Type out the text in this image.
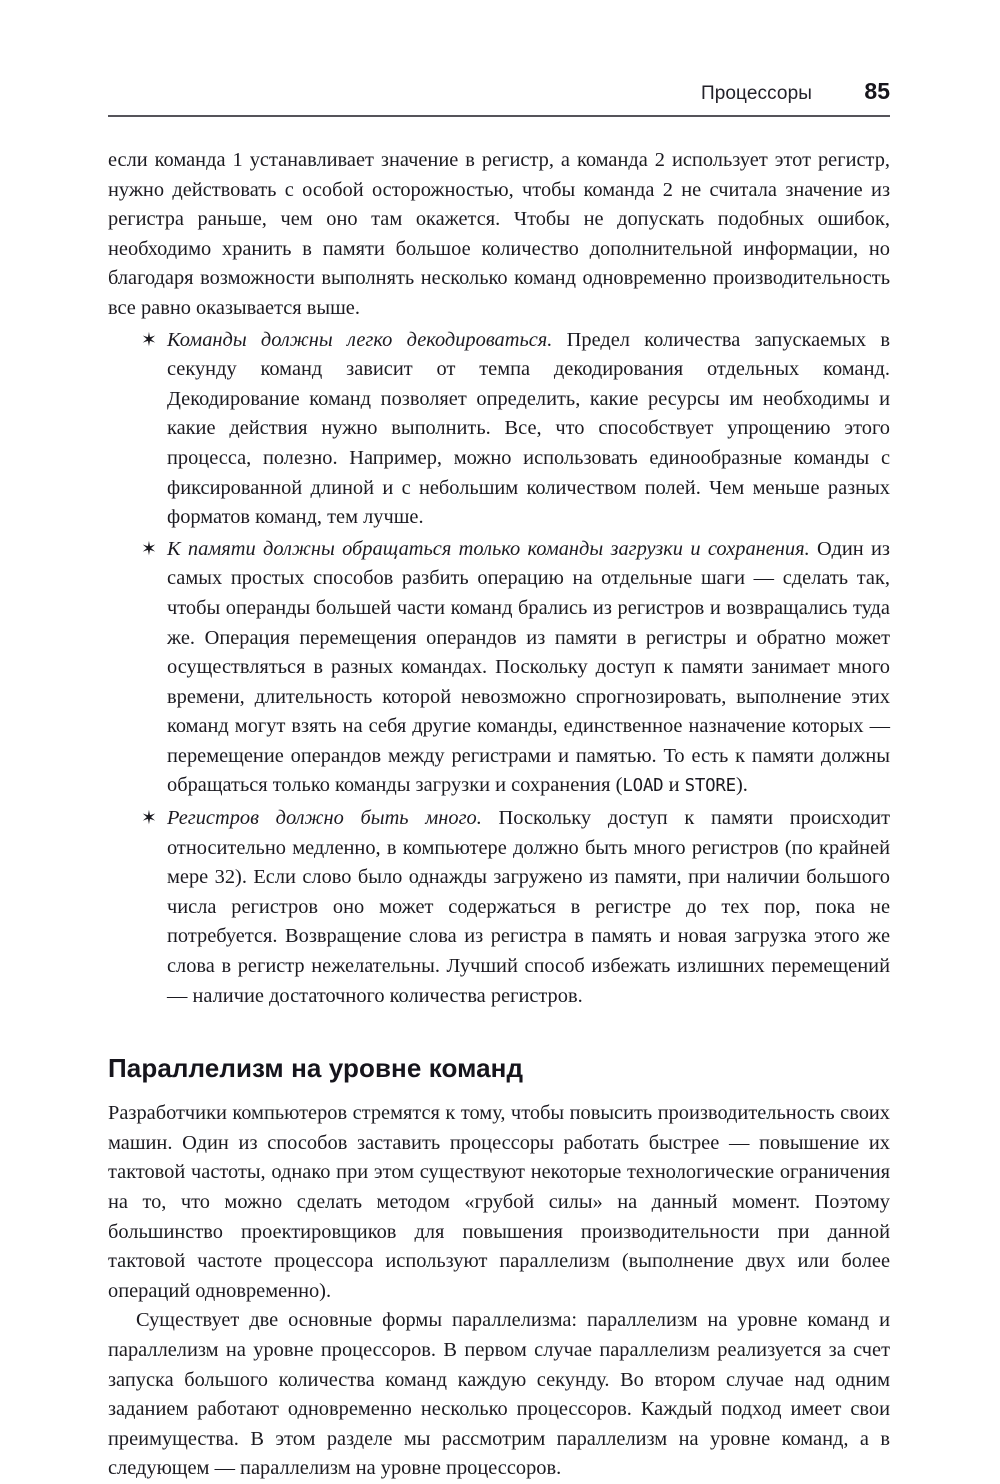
Процессоры	85

если команда 1 устанавливает значение в регистр, а команда 2 использует этот регистр, нужно действовать с особой осторожностью, чтобы команда 2 не считала значение из регистра раньше, чем оно там окажется. Чтобы не допускать подобных ошибок, необходимо хранить в памяти большое количество дополнительной информации, но благодаря возможности выполнять несколько команд одновременно производительность все равно оказывается выше.

✶ Команды должны легко декодироваться. Предел количества запускаемых в секунду команд зависит от темпа декодирования отдельных команд. Декодирование команд позволяет определить, какие ресурсы им необходимы и какие действия нужно выполнить. Все, что способствует упрощению этого процесса, полезно. Например, можно использовать единообразные команды с фиксированной длиной и с небольшим количеством полей. Чем меньше разных форматов команд, тем лучше.

✶ К памяти должны обращаться только команды загрузки и сохранения. Один из самых простых способов разбить операцию на отдельные шаги — сделать так, чтобы операнды большей части команд брались из регистров и возвращались туда же. Операция перемещения операндов из памяти в регистры и обратно может осуществляться в разных командах. Поскольку доступ к памяти занимает много времени, длительность которой невозможно спрогнозировать, выполнение этих команд могут взять на себя другие команды, единственное назначение которых — перемещение операндов между регистрами и памятью. То есть к памяти должны обращаться только команды загрузки и сохранения (LOAD и STORE).

✶ Регистров должно быть много. Поскольку доступ к памяти происходит относительно медленно, в компьютере должно быть много регистров (по крайней мере 32). Если слово было однажды загружено из памяти, при наличии большого числа регистров оно может содержаться в регистре до тех пор, пока не потребуется. Возвращение слова из регистра в память и новая загрузка этого же слова в регистр нежелательны. Лучший способ избежать излишних перемещений — наличие достаточного количества регистров.

Параллелизм на уровне команд

Разработчики компьютеров стремятся к тому, чтобы повысить производительность своих машин. Один из способов заставить процессоры работать быстрее — повышение их тактовой частоты, однако при этом существуют некоторые технологические ограничения на то, что можно сделать методом «грубой силы» на данный момент. Поэтому большинство проектировщиков для повышения производительности при данной тактовой частоте процессора используют параллелизм (выполнение двух или более операций одновременно).

Существует две основные формы параллелизма: параллелизм на уровне команд и параллелизм на уровне процессоров. В первом случае параллелизм реализуется за счет запуска большого количества команд каждую секунду. Во втором случае над одним заданием работают одновременно несколько процессоров. Каждый подход имеет свои преимущества. В этом разделе мы рассмотрим параллелизм на уровне команд, а в следующем — параллелизм на уровне процессоров.
